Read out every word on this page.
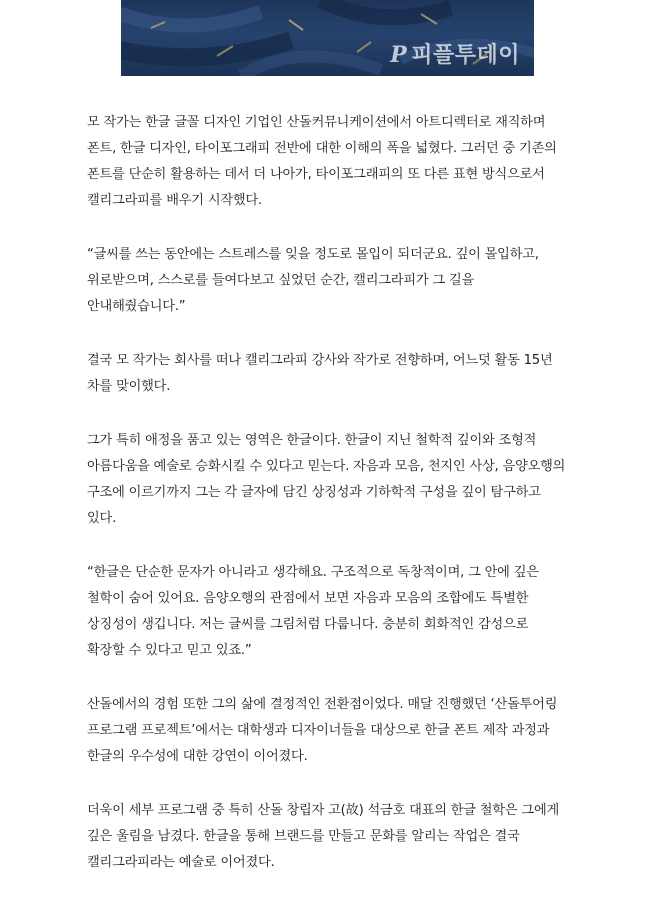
P 피플투데이

모 작가는 한글 글꼴 디자인 기업인 산돌커뮤니케이션에서 아트디렉터로 재직하며 폰트, 한글 디자인, 타이포그래피 전반에 대한 이해의 폭을 넓혔다. 그러던 중 기존의 폰트를 단순히 활용하는 데서 더 나아가, 타이포그래피의 또 다른 표현 방식으로서 캘리그라피를 배우기 시작했다.

“글씨를 쓰는 동안에는 스트레스를 잊을 정도로 몰입이 되더군요. 깊이 몰입하고, 위로받으며, 스스로를 들여다보고 싶었던 순간, 캘리그라피가 그 길을 안내해줬습니다.”

결국 모 작가는 회사를 떠나 캘리그라피 강사와 작가로 전향하며, 어느덧 활동 15년 차를 맞이했다.

그가 특히 애정을 품고 있는 영역은 한글이다. 한글이 지닌 철학적 깊이와 조형적 아름다움을 예술로 승화시킬 수 있다고 믿는다. 자음과 모음, 천지인 사상, 음양오행의 구조에 이르기까지 그는 각 글자에 담긴 상징성과 기하학적 구성을 깊이 탐구하고 있다.

“한글은 단순한 문자가 아니라고 생각해요. 구조적으로 독창적이며, 그 안에 깊은 철학이 숨어 있어요. 음양오행의 관점에서 보면 자음과 모음의 조합에도 특별한 상징성이 생깁니다. 저는 글씨를 그림처럼 다룹니다. 충분히 회화적인 감성으로 확장할 수 있다고 믿고 있죠.”

산돌에서의 경험 또한 그의 삶에 결정적인 전환점이었다. 매달 진행했던 ‘산돌투어링 프로그램 프로젝트’에서는 대학생과 디자이너들을 대상으로 한글 폰트 제작 과정과 한글의 우수성에 대한 강연이 이어졌다.

더욱이 세부 프로그램 중 특히 산돌 창립자 고(故) 석금호 대표의 한글 철학은 그에게 깊은 울림을 남겼다. 한글을 통해 브랜드를 만들고 문화를 알리는 작업은 결국 캘리그라피라는 예술로 이어졌다.
